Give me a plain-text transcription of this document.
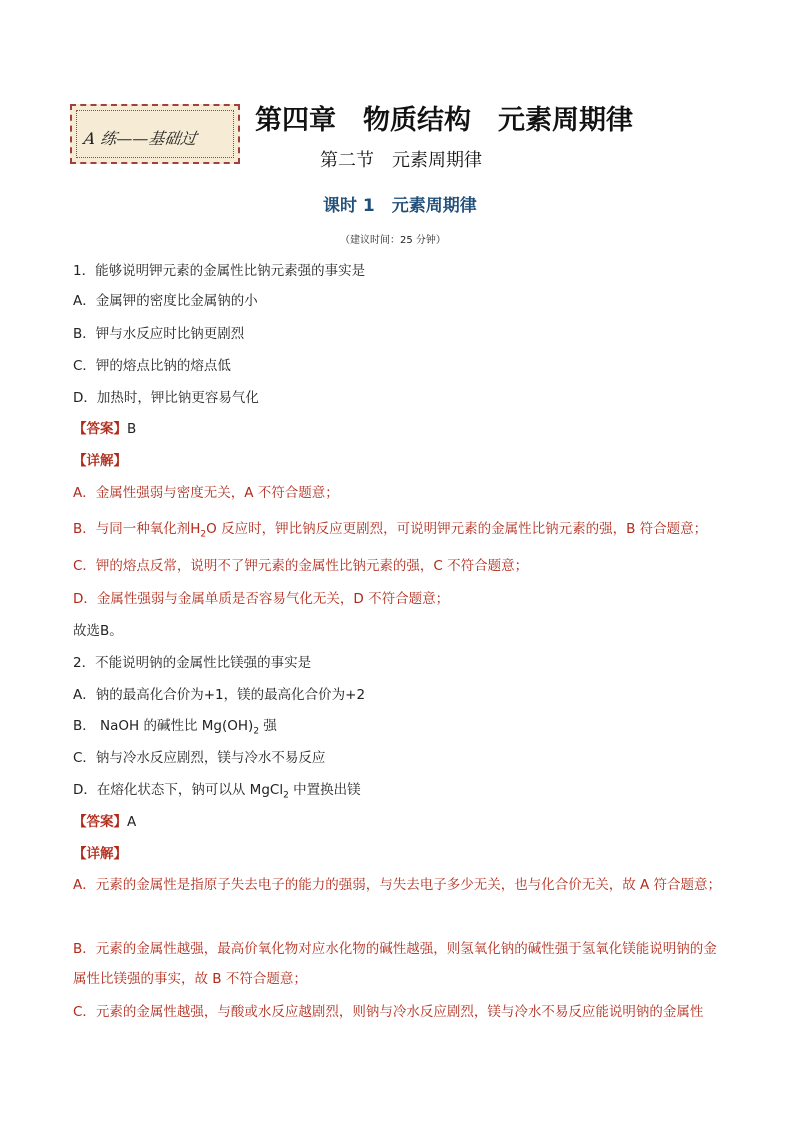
A 练——基础过
第四章　物质结构　元素周期律
第二节　元素周期律
课时 1　元素周期律
（建议时间：25 分钟）
1．能够说明钾元素的金属性比钠元素强的事实是
A．金属钾的密度比金属钠的小
B．钾与水反应时比钠更剧烈
C．钾的熔点比钠的熔点低
D．加热时，钾比钠更容易气化
【答案】B
【详解】
A．金属性强弱与密度无关，A 不符合题意；
B．与同一种氧化剂$H_2O$ 反应时，钾比钠反应更剧烈，可说明钾元素的金属性比钠元素的强，B 符合题意；
C．钾的熔点反常，说明不了钾元素的金属性比钠元素的强，C 不符合题意；
D．金属性强弱与金属单质是否容易气化无关，D 不符合题意；
故选B。
2．不能说明钠的金属性比镁强的事实是
A．钠的最高化合价为+1，镁的最高化合价为+2
B． NaOH 的碱性比 $Mg(OH)_2$ 强
C．钠与冷水反应剧烈，镁与冷水不易反应
D．在熔化状态下，钠可以从 MgCl$_2$ 中置换出镁
【答案】A
【详解】
A．元素的金属性是指原子失去电子的能力的强弱，与失去电子多少无关，也与化合价无关，故 A 符合题意；
B．元素的金属性越强，最高价氧化物对应水化物的碱性越强，则氢氧化钠的碱性强于氢氧化镁能说明钠的金属性比镁强的事实，故 B 不符合题意；
C．元素的金属性越强，与酸或水反应越剧烈，则钠与冷水反应剧烈，镁与冷水不易反应能说明钠的金属性
